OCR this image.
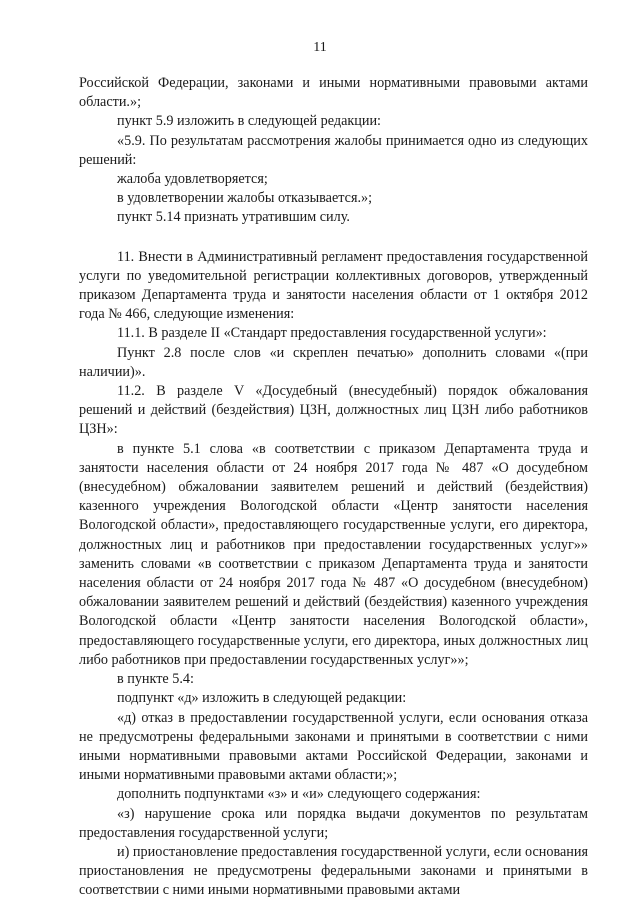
11

Российской Федерации, законами и иными нормативными правовыми актами области.»;

пункт 5.9 изложить в следующей редакции:

«5.9. По результатам рассмотрения жалобы принимается одно из следующих решений:

жалоба удовлетворяется;

в удовлетворении жалобы отказывается.»;

пункт 5.14 признать утратившим силу.

11. Внести в Административный регламент предоставления государственной услуги по уведомительной регистрации коллективных договоров, утвержденный приказом Департамента труда и занятости населения области от 1 октября 2012 года № 466, следующие изменения:

11.1. В разделе II «Стандарт предоставления государственной услуги»:

Пункт 2.8 после слов «и скреплен печатью» дополнить словами «(при наличии)».

11.2. В разделе V «Досудебный (внесудебный) порядок обжалования решений и действий (бездействия) ЦЗН, должностных лиц ЦЗН либо работников ЦЗН»:

в пункте 5.1 слова «в соответствии с приказом Департамента труда и занятости населения области от 24 ноября 2017 года № 487 «О досудебном (внесудебном) обжаловании заявителем решений и действий (бездействия) казенного учреждения Вологодской области «Центр занятости населения Вологодской области», предоставляющего государственные услуги, его директора, должностных лиц и работников при предоставлении государственных услуг»» заменить словами «в соответствии с приказом Департамента труда и занятости населения области от 24 ноября 2017 года № 487 «О досудебном (внесудебном) обжаловании заявителем решений и действий (бездействия) казенного учреждения Вологодской области «Центр занятости населения Вологодской области», предоставляющего государственные услуги, его директора, иных должностных лиц либо работников при предоставлении государственных услуг»»;

в пункте 5.4:

подпункт «д» изложить в следующей редакции:

«д) отказ в предоставлении государственной услуги, если основания отказа не предусмотрены федеральными законами и принятыми в соответствии с ними иными нормативными правовыми актами Российской Федерации, законами и иными нормативными правовыми актами области;»;

дополнить подпунктами «з» и «и» следующего содержания:

«з) нарушение срока или порядка выдачи документов по результатам предоставления государственной услуги;

и) приостановление предоставления государственной услуги, если основания приостановления не предусмотрены федеральными законами и принятыми в соответствии с ними иными нормативными правовыми актами
